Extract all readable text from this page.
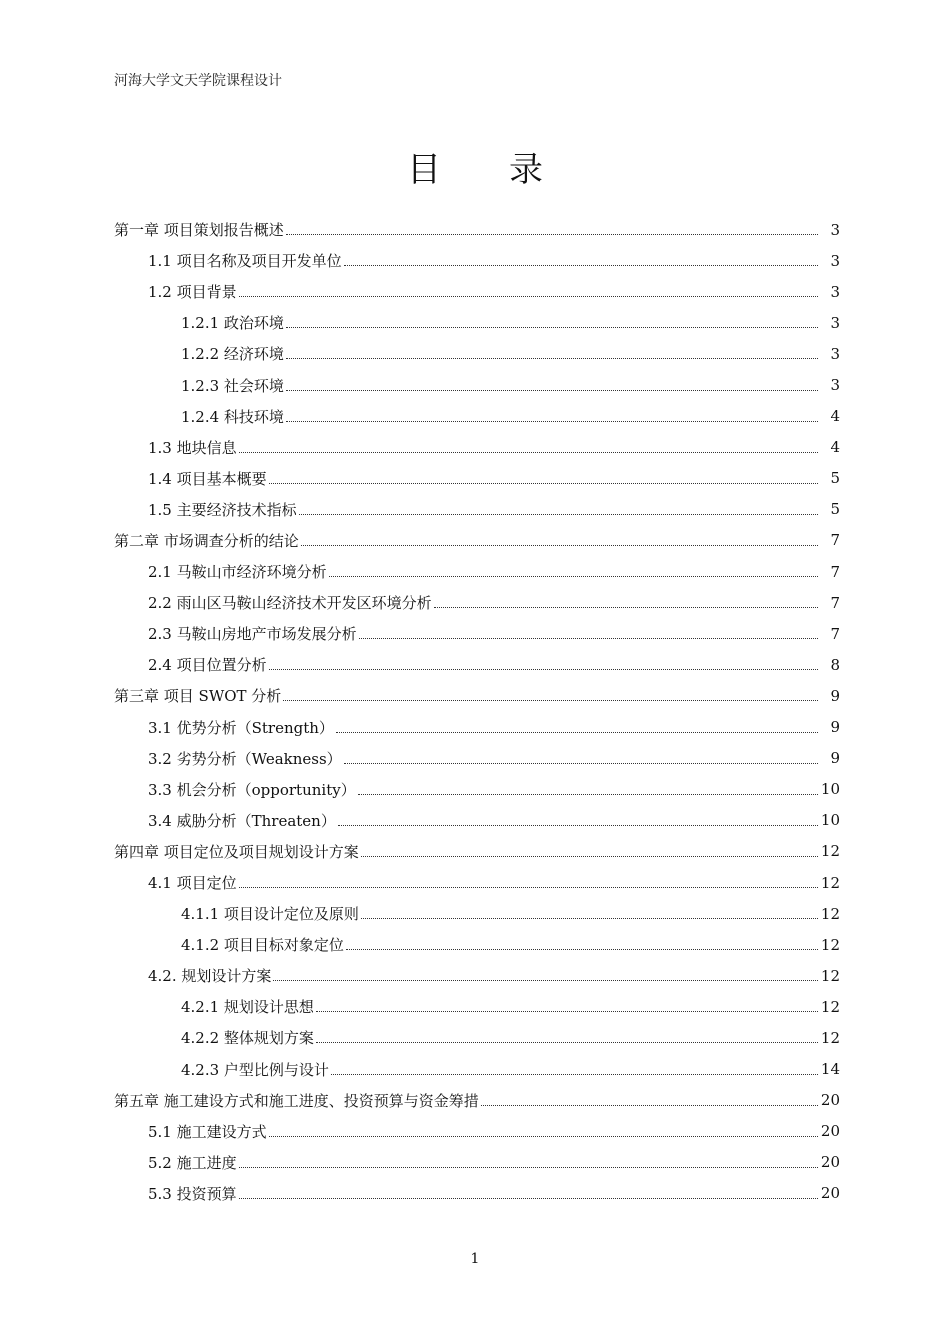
河海大学文天学院课程设计
目 录
第一章 项目策划报告概述	3
1.1 项目名称及项目开发单位	3
1.2 项目背景	3
1.2.1 政治环境	3
1.2.2 经济环境	3
1.2.3 社会环境	3
1.2.4 科技环境	4
1.3 地块信息	4
1.4 项目基本概要	5
1.5 主要经济技术指标	5
第二章 市场调查分析的结论	7
2.1 马鞍山市经济环境分析	7
2.2 雨山区马鞍山经济技术开发区环境分析	7
2.3 马鞍山房地产市场发展分析	7
2.4 项目位置分析	8
第三章 项目 SWOT 分析	9
3.1 优势分析（Strength）	9
3.2 劣势分析（Weakness）	9
3.3 机会分析（opportunity）	10
3.4 威胁分析（Threaten）	10
第四章 项目定位及项目规划设计方案	12
4.1 项目定位	12
4.1.1 项目设计定位及原则	12
4.1.2 项目目标对象定位	12
4.2. 规划设计方案	12
4.2.1 规划设计思想	12
4.2.2 整体规划方案	12
4.2.3 户型比例与设计	14
第五章 施工建设方式和施工进度、投资预算与资金筹措	20
5.1 施工建设方式	20
5.2 施工进度	20
5.3 投资预算	20
1
